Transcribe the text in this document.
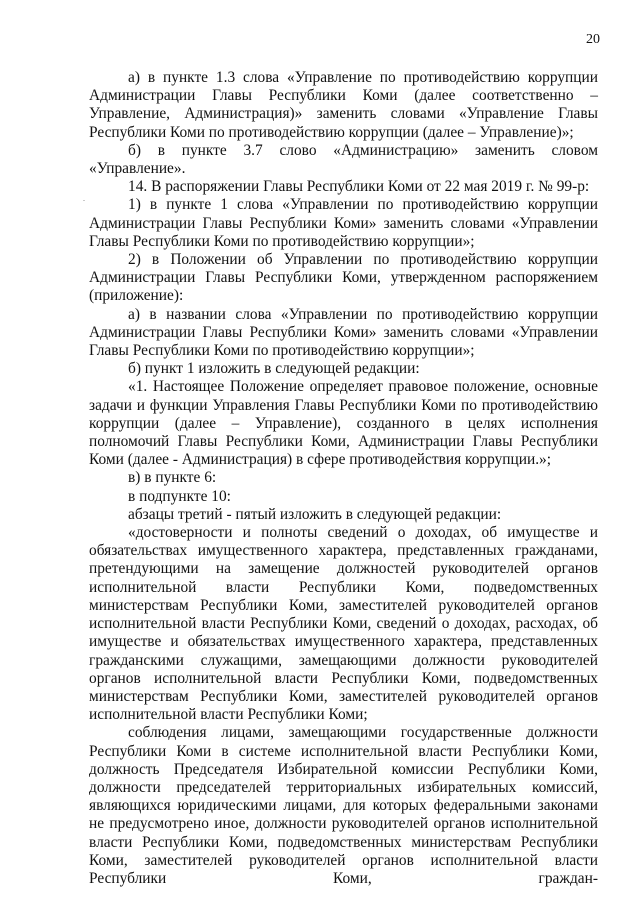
20
.

а) в пункте 1.3 слова «Управление по противодействию коррупции Администрации Главы Республики Коми (далее соответственно – Управление, Администрация)» заменить словами «Управление Главы Республики Коми по противодействию коррупции (далее – Управление)»;

б) в пункте 3.7 слово «Администрацию» заменить словом «Управление».

14. В распоряжении Главы Республики Коми от 22 мая 2019 г. № 99-р:

1) в пункте 1 слова «Управлении по противодействию коррупции Администрации Главы Республики Коми» заменить словами «Управлении Главы Республики Коми по противодействию коррупции»;

2) в Положении об Управлении по противодействию коррупции Администрации Главы Республики Коми, утвержденном распоряжением (приложение):

а) в названии слова «Управлении по противодействию коррупции Администрации Главы Республики Коми» заменить словами «Управлении Главы Республики Коми по противодействию коррупции»;

б) пункт 1 изложить в следующей редакции:

«1. Настоящее Положение определяет правовое положение, основные задачи и функции Управления Главы Республики Коми по противодействию коррупции (далее – Управление), созданного в целях исполнения полномочий Главы Республики Коми, Администрации Главы Республики Коми (далее - Администрация) в сфере противодействия коррупции.»;

в) в пункте 6:

в подпункте 10:

абзацы третий - пятый изложить в следующей редакции:

«достоверности и полноты сведений о доходах, об имуществе и обязательствах имущественного характера, представленных гражданами, претендующими на замещение должностей руководителей органов исполнительной власти Республики Коми, подведомственных министерствам Республики Коми, заместителей руководителей органов исполнительной власти Республики Коми, сведений о доходах, расходах, об имуществе и обязательствах имущественного характера, представленных гражданскими служащими, замещающими должности руководителей органов исполнительной власти Республики Коми, подведомственных министерствам Республики Коми, заместителей руководителей органов исполнительной власти Республики Коми;

соблюдения лицами, замещающими государственные должности Республики Коми в системе исполнительной власти Республики Коми, должность Председателя Избирательной комиссии Республики Коми, должности председателей территориальных избирательных комиссий, являющихся юридическими лицами, для которых федеральными законами не предусмотрено иное, должности руководителей органов исполнительной власти Республики Коми, подведомственных министерствам Республики Коми, заместителей руководителей органов исполнительной власти Республики Коми, граждан-
